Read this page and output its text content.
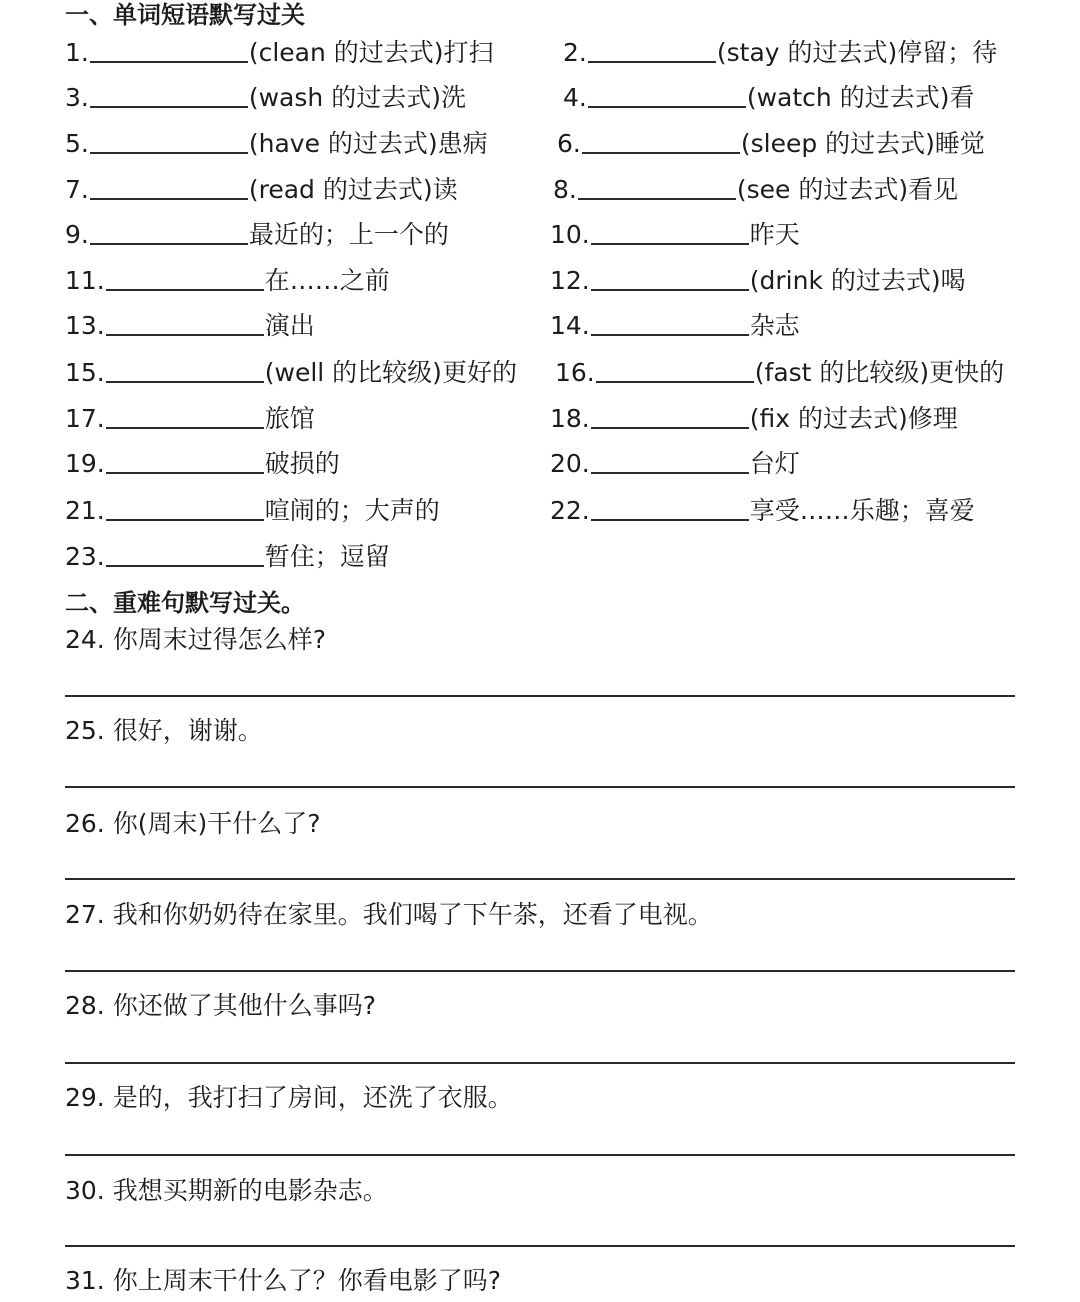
一、单词短语默写过关
1.	(clean 的过去式)打扫	2.	(stay 的过去式)停留；待
3.	(wash 的过去式)洗	4.	(watch 的过去式)看
5.	(have 的过去式)患病	6.	(sleep 的过去式)睡觉
7.	(read 的过去式)读	8.	(see 的过去式)看见
9.	最近的；上一个的	10.	昨天
11.	在……之前	12.	(drink 的过去式)喝
13.	演出	14.	杂志
15.	(well 的比较级)更好的 16.	(fast 的比较级)更快的
17.	旅馆	18.	(fix 的过去式)修理
19.	破损的	20.	台灯
21.	喧闹的；大声的	22.	享受……乐趣；喜爱
23.	暂住；逗留
二、重难句默写过关。
24. 你周末过得怎么样?
25. 很好，谢谢。
26. 你(周末)干什么了?
27. 我和你奶奶待在家里。我们喝了下午茶，还看了电视。
28. 你还做了其他什么事吗?
29. 是的，我打扫了房间，还洗了衣服。
30. 我想买期新的电影杂志。
31. 你上周末干什么了？你看电影了吗?
